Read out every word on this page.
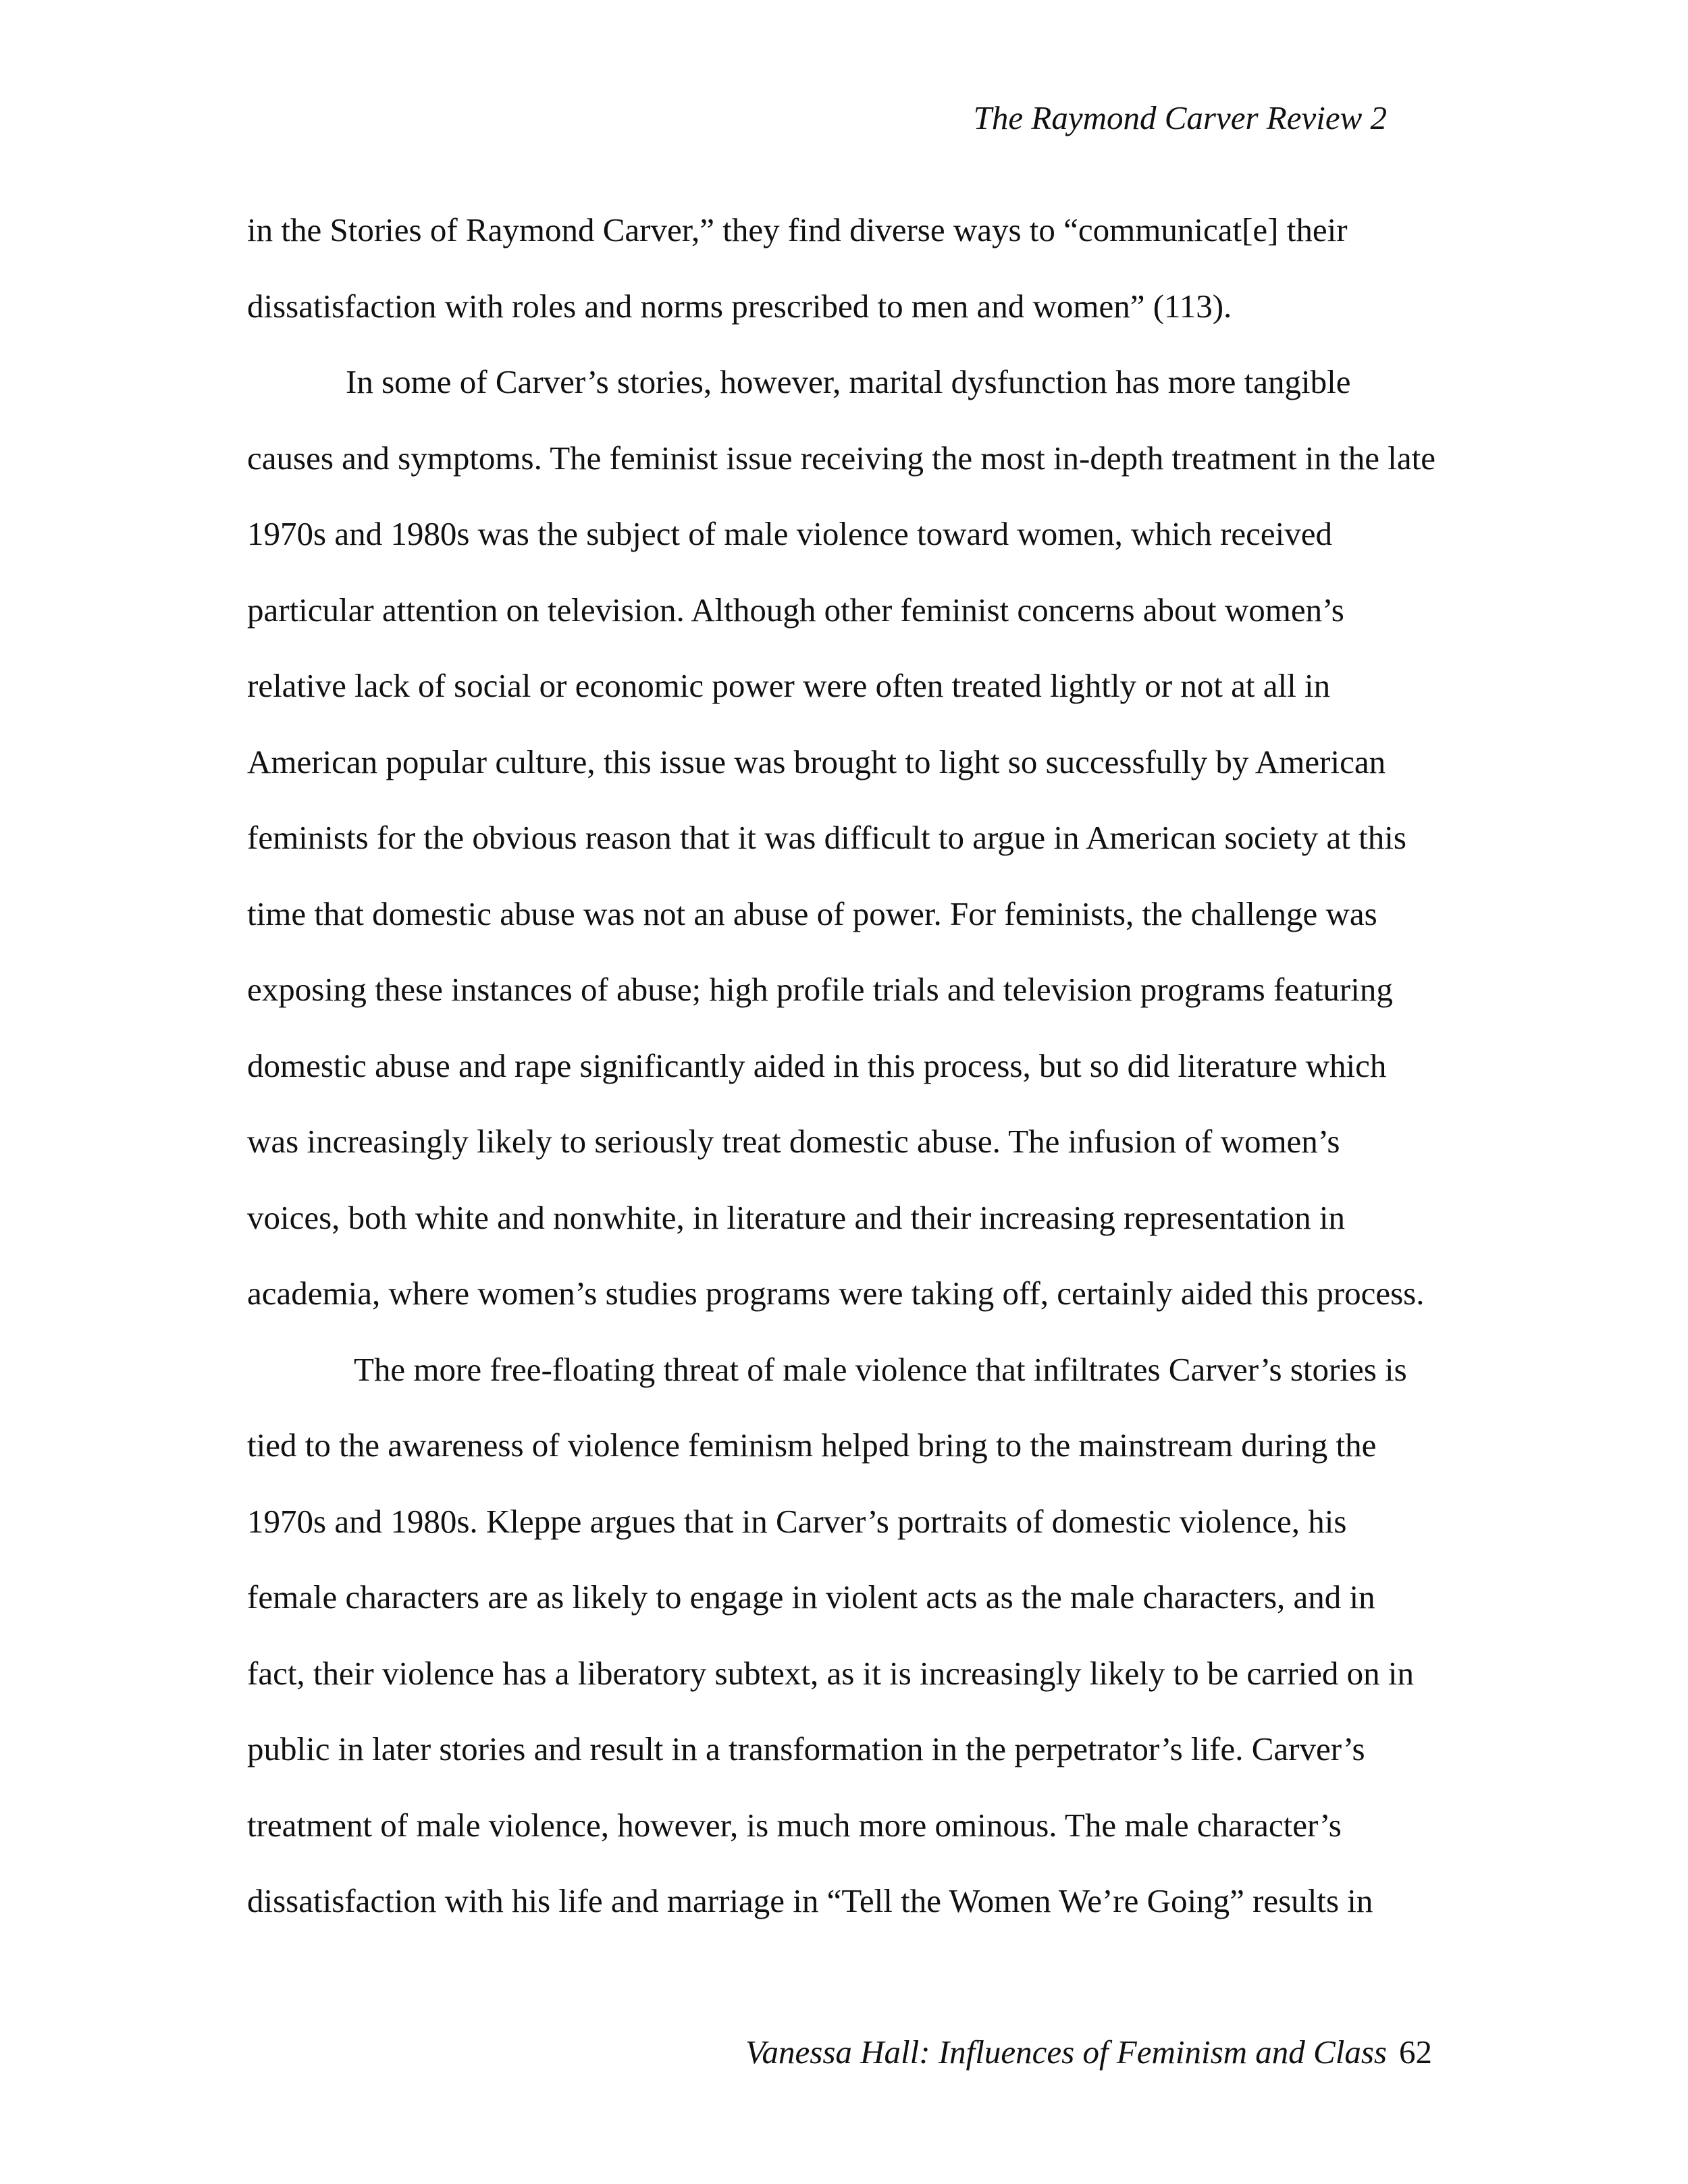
The Raymond Carver Review 2
in the Stories of Raymond Carver,” they find diverse ways to “communicat[e] their
dissatisfaction with roles and norms prescribed to men and women” (113).
In some of Carver’s stories, however, marital dysfunction has more tangible
causes and symptoms. The feminist issue receiving the most in-depth treatment in the late
1970s and 1980s was the subject of male violence toward women, which received
particular attention on television. Although other feminist concerns about women’s
relative lack of social or economic power were often treated lightly or not at all in
American popular culture, this issue was brought to light so successfully by American
feminists for the obvious reason that it was difficult to argue in American society at this
time that domestic abuse was not an abuse of power. For feminists, the challenge was
exposing these instances of abuse; high profile trials and television programs featuring
domestic abuse and rape significantly aided in this process, but so did literature which
was increasingly likely to seriously treat domestic abuse. The infusion of women’s
voices, both white and nonwhite, in literature and their increasing representation in
academia, where women’s studies programs were taking off, certainly aided this process.
The more free-floating threat of male violence that infiltrates Carver’s stories is
tied to the awareness of violence feminism helped bring to the mainstream during the
1970s and 1980s. Kleppe argues that in Carver’s portraits of domestic violence, his
female characters are as likely to engage in violent acts as the male characters, and in
fact, their violence has a liberatory subtext, as it is increasingly likely to be carried on in
public in later stories and result in a transformation in the perpetrator’s life. Carver’s
treatment of male violence, however, is much more ominous. The male character’s
dissatisfaction with his life and marriage in “Tell the Women We’re Going” results in
Vanessa Hall: Influences of Feminism and Class 62
